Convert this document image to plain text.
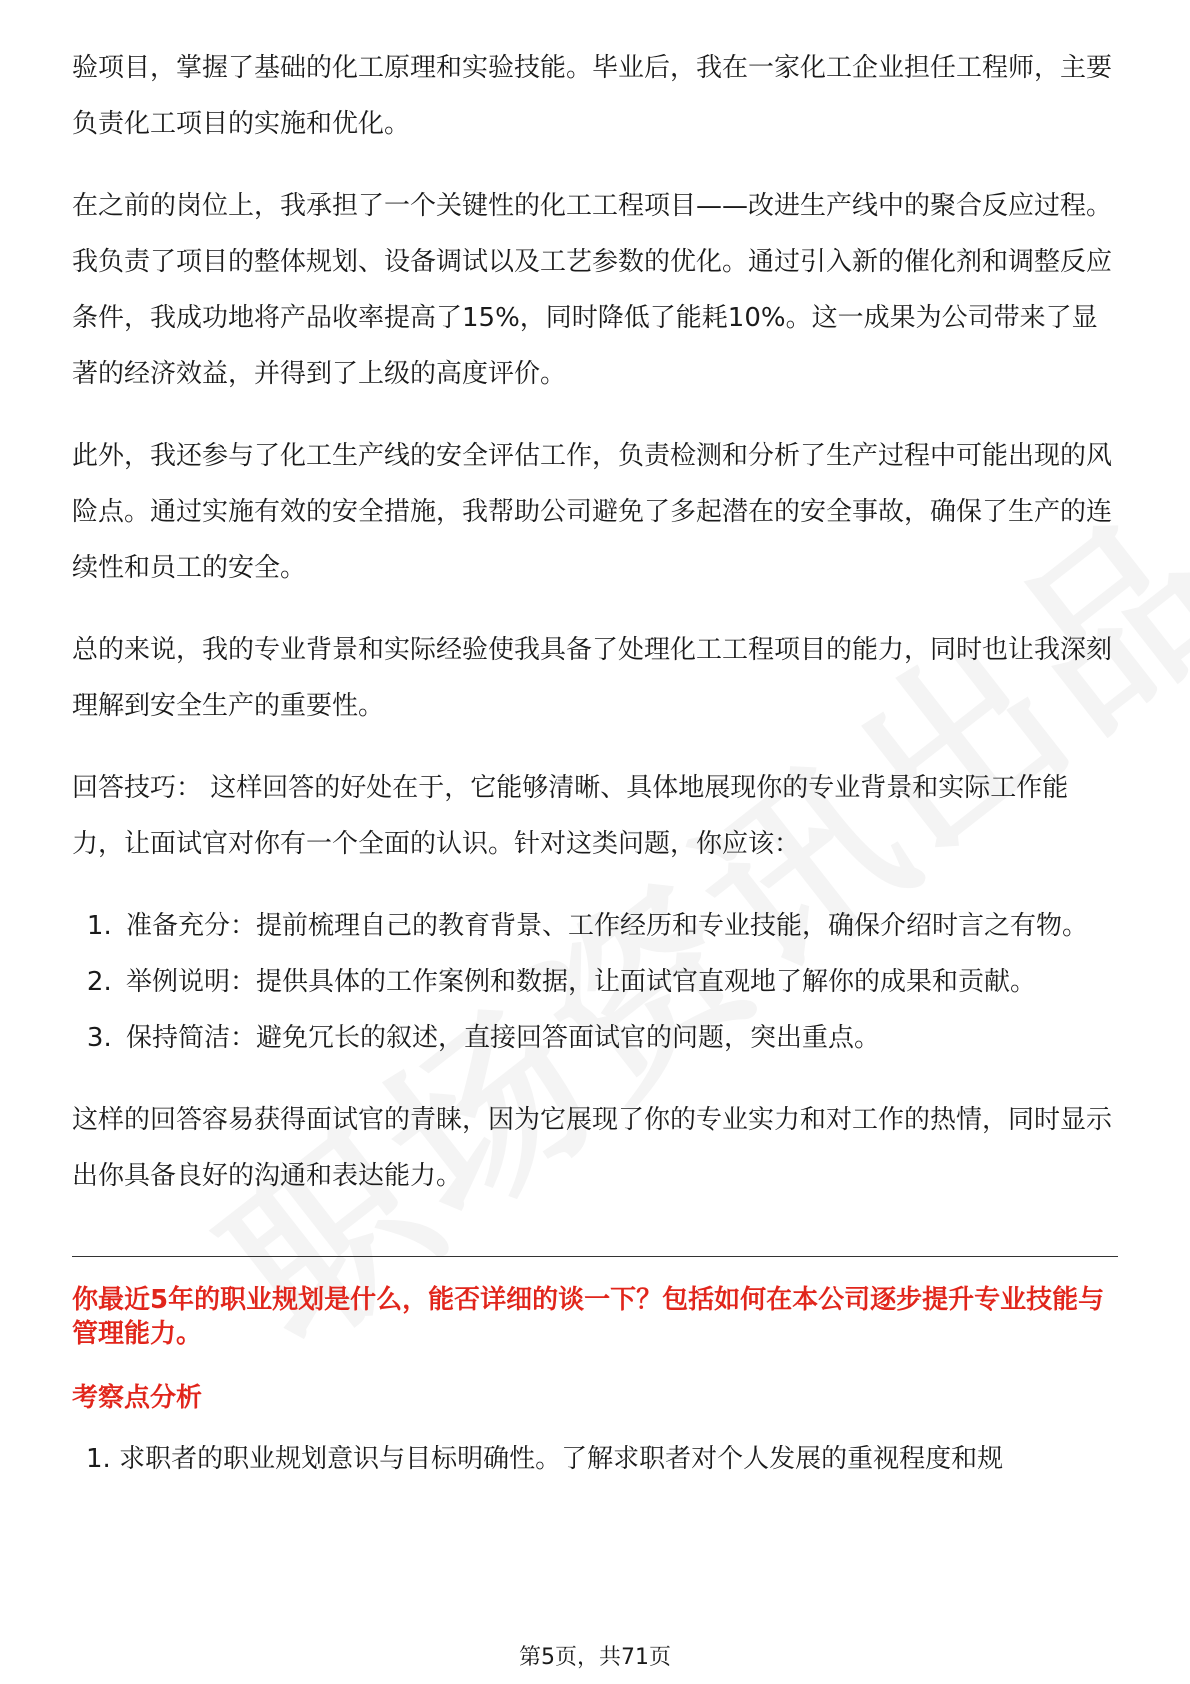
验项目，掌握了基础的化工原理和实验技能。毕业后，我在一家化工企业担任工程师，主要负责化工项目的实施和优化。

在之前的岗位上，我承担了一个关键性的化工工程项目——改进生产线中的聚合反应过程。我负责了项目的整体规划、设备调试以及工艺参数的优化。通过引入新的催化剂和调整反应条件，我成功地将产品收率提高了15%，同时降低了能耗10%。这一成果为公司带来了显著的经济效益，并得到了上级的高度评价。

此外，我还参与了化工生产线的安全评估工作，负责检测和分析了生产过程中可能出现的风险点。通过实施有效的安全措施，我帮助公司避免了多起潜在的安全事故，确保了生产的连续性和员工的安全。

总的来说，我的专业背景和实际经验使我具备了处理化工工程项目的能力，同时也让我深刻理解到安全生产的重要性。

回答技巧： 这样回答的好处在于，它能够清晰、具体地展现你的专业背景和实际工作能力，让面试官对你有一个全面的认识。针对这类问题，你应该：

1. 准备充分：提前梳理自己的教育背景、工作经历和专业技能，确保介绍时言之有物。
2. 举例说明：提供具体的工作案例和数据，让面试官直观地了解你的成果和贡献。
3. 保持简洁：避免冗长的叙述，直接回答面试官的问题，突出重点。

这样的回答容易获得面试官的青睐，因为它展现了你的专业实力和对工作的热情，同时显示出你具备良好的沟通和表达能力。

你最近5年的职业规划是什么，能否详细的谈一下？包括如何在本公司逐步提升专业技能与管理能力。
考察点分析
1. 求职者的职业规划意识与目标明确性。了解求职者对个人发展的重视程度和规
第5页，共71页
